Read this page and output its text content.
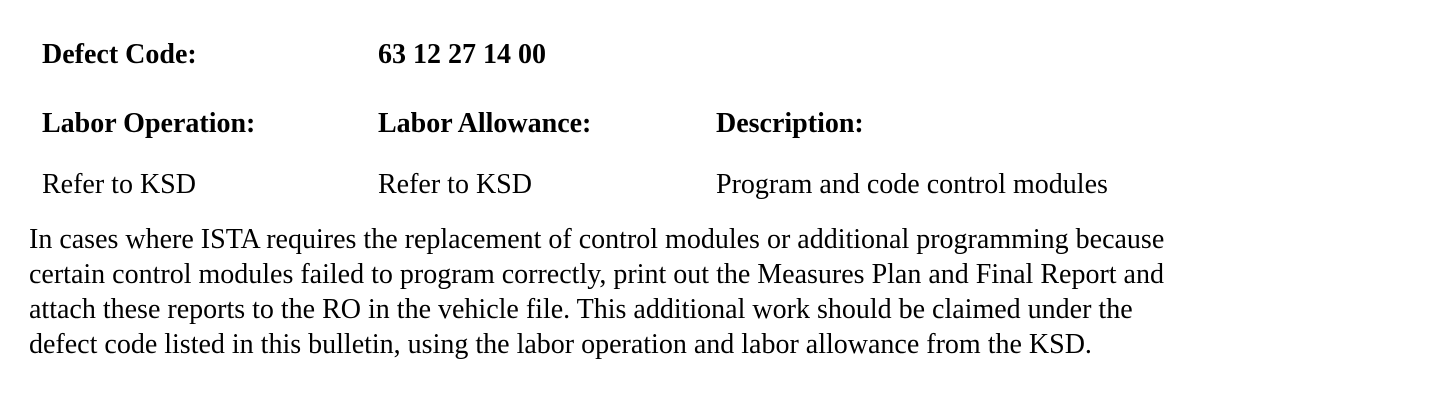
Defect Code:	63 12 27 14 00
Labor Operation:	Labor Allowance:	Description:
Refer to KSD	Refer to KSD	Program and code control modules

In cases where ISTA requires the replacement of control modules or additional programming because
certain control modules failed to program correctly, print out the Measures Plan and Final Report and
attach these reports to the RO in the vehicle file. This additional work should be claimed under the
defect code listed in this bulletin, using the labor operation and labor allowance from the KSD.
